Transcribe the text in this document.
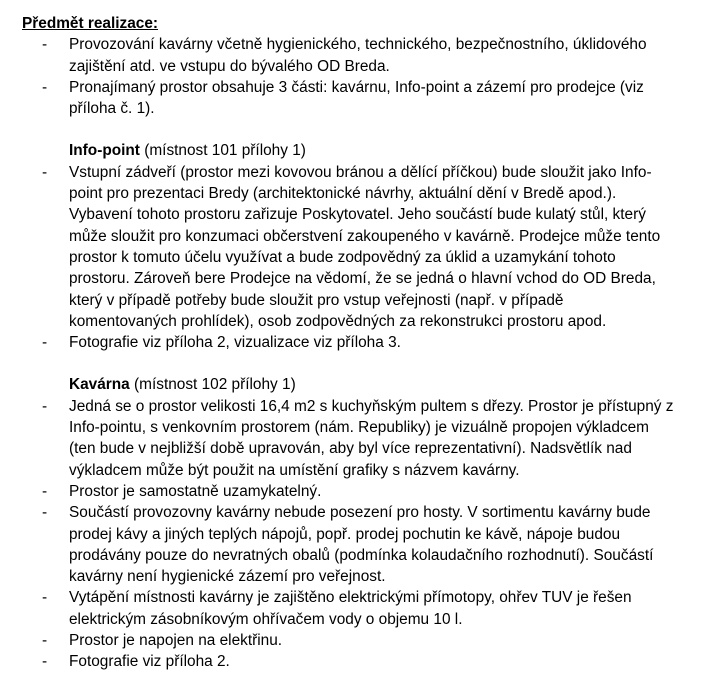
Předmět realizace:
- Provozování kavárny včetně hygienického, technického, bezpečnostního, úklidového zajištění atd. ve vstupu do bývalého OD Breda.
- Pronajímaný prostor obsahuje 3 části: kavárnu, Info-point a zázemí pro prodejce (viz příloha č. 1).
Info-point (místnost 101 přílohy 1)
- Vstupní zádveří (prostor mezi kovovou bránou a dělící příčkou) bude sloužit jako Info-point pro prezentaci Bredy (architektonické návrhy, aktuální dění v Bredě apod.). Vybavení tohoto prostoru zařizuje Poskytovatel. Jeho součástí bude kulatý stůl, který může sloužit pro konzumaci občerstvení zakoupeného v kavárně. Prodejce může tento prostor k tomuto účelu využívat a bude zodpovědný za úklid a uzamykání tohoto prostoru. Zároveň bere Prodejce na vědomí, že se jedná o hlavní vchod do OD Breda, který v případě potřeby bude sloužit pro vstup veřejnosti (např. v případě komentovaných prohlídek), osob zodpovědných za rekonstrukci prostoru apod.
- Fotografie viz příloha 2, vizualizace viz příloha 3.
Kavárna (místnost 102 přílohy 1)
- Jedná se o prostor velikosti 16,4 m2 s kuchyňským pultem s dřezy. Prostor je přístupný z Info-pointu, s venkovním prostorem (nám. Republiky) je vizuálně propojen výkladcem (ten bude v nejbližší době upravován, aby byl více reprezentativní). Nadsvětlík nad výkladcem může být použit na umístění grafiky s názvem kavárny.
- Prostor je samostatně uzamykatelný.
- Součástí provozovny kavárny nebude posezení pro hosty. V sortimentu kavárny bude prodej kávy a jiných teplých nápojů, popř. prodej pochutin ke kávě, nápoje budou prodávány pouze do nevratných obalů (podmínka kolaudačního rozhodnutí). Součástí kavárny není hygienické zázemí pro veřejnost.
- Vytápění místnosti kavárny je zajištěno elektrickými přímotopy, ohřev TUV je řešen elektrickým zásobníkovým ohřívačem vody o objemu 10 l.
- Prostor je napojen na elektřinu.
- Fotografie viz příloha 2.
